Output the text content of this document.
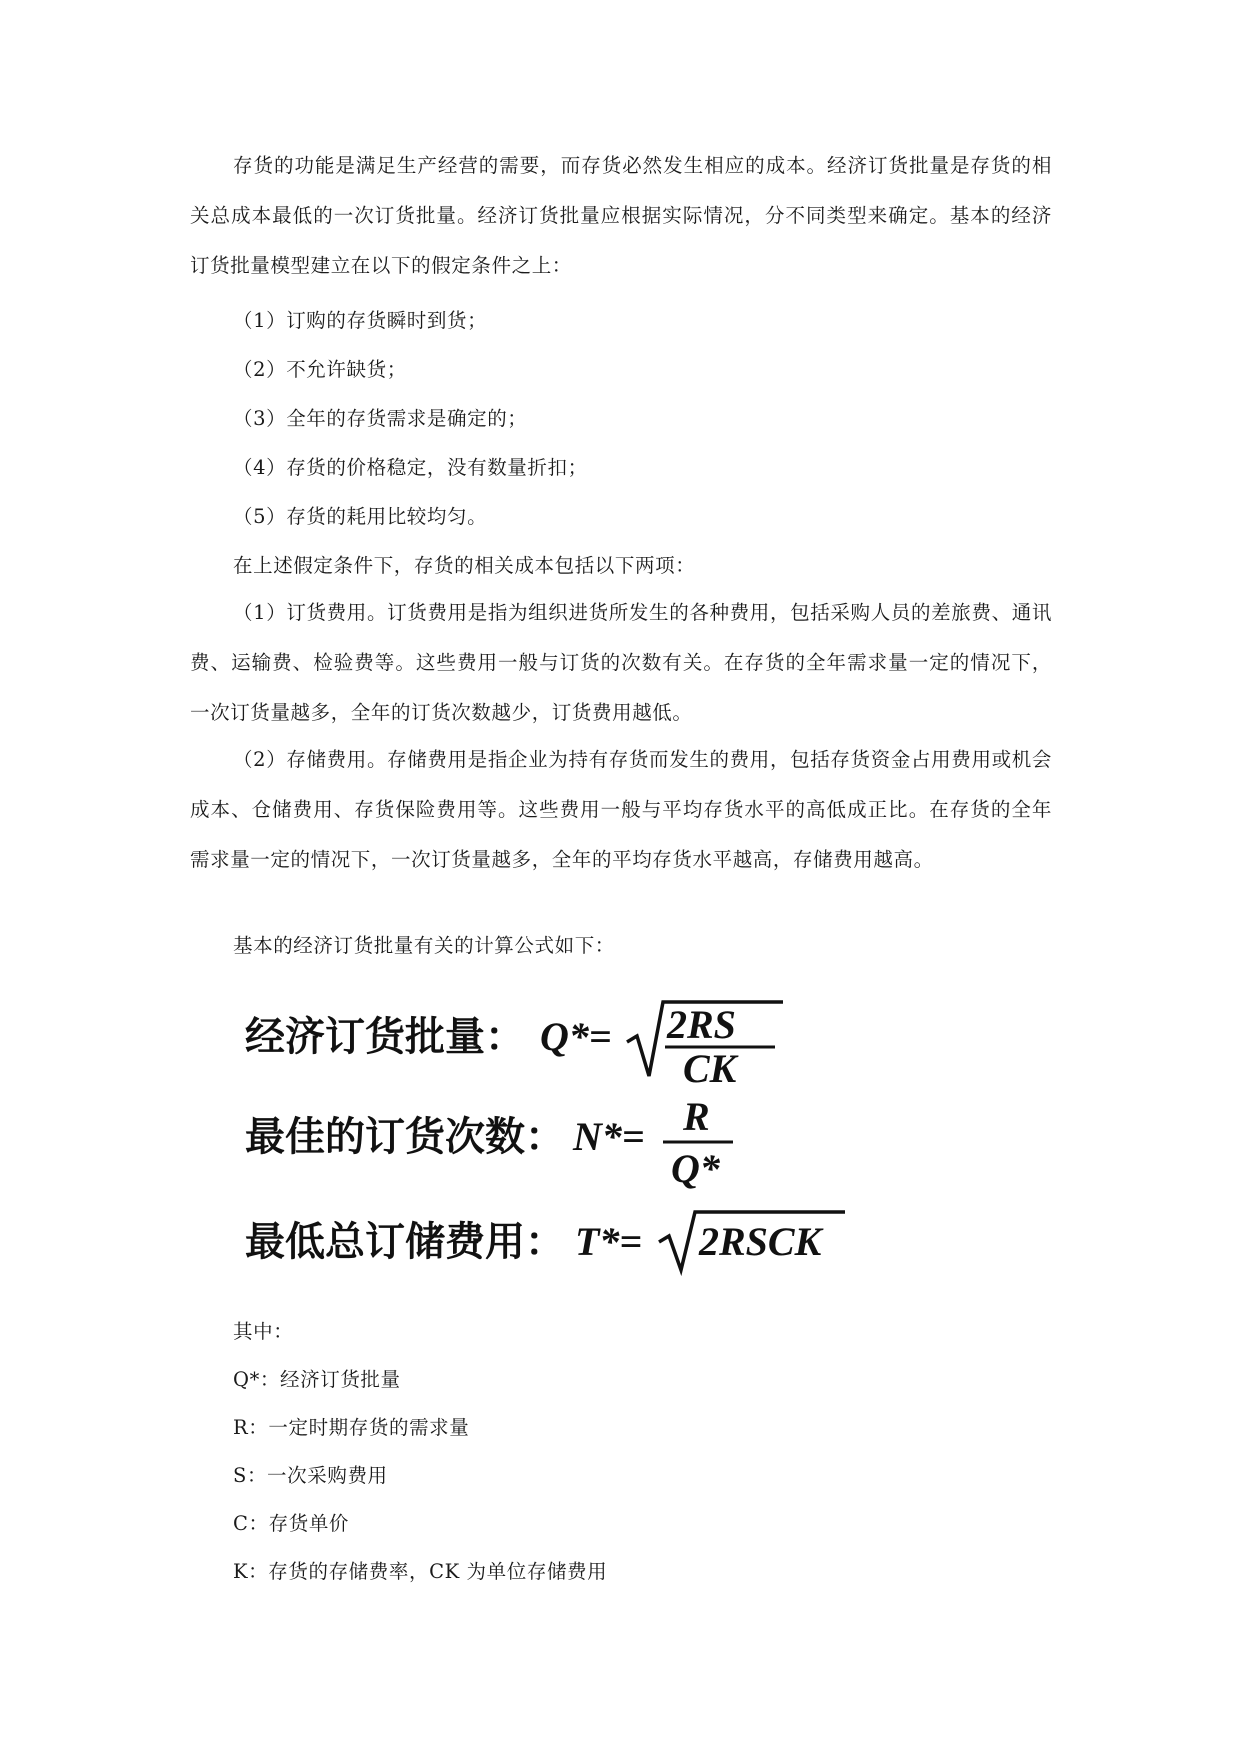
存货的功能是满足生产经营的需要，而存货必然发生相应的成本。经济订货批量是存货的相关总成本最低的一次订货批量。经济订货批量应根据实际情况，分不同类型来确定。基本的经济订货批量模型建立在以下的假定条件之上：

（1）订购的存货瞬时到货；

（2）不允许缺货；

（3）全年的存货需求是确定的；

（4）存货的价格稳定，没有数量折扣；

（5）存货的耗用比较均匀。

在上述假定条件下，存货的相关成本包括以下两项：

（1）订货费用。订货费用是指为组织进货所发生的各种费用，包括采购人员的差旅费、通讯费、运输费、检验费等。这些费用一般与订货的次数有关。在存货的全年需求量一定的情况下，一次订货量越多，全年的订货次数越少，订货费用越低。

（2）存储费用。存储费用是指企业为持有存货而发生的费用，包括存货资金占用费用或机会成本、仓储费用、存货保险费用等。这些费用一般与平均存货水平的高低成正比。在存货的全年需求量一定的情况下，一次订货量越多，全年的平均存货水平越高，存储费用越高。

基本的经济订货批量有关的计算公式如下：

经济订货批量： Q*= 2RS
CK
最佳的订货次数： N*= R
Q*
最低总订储费用： T*= 2RSCK

其中：

Q*：经济订货批量

R：一定时期存货的需求量

S：一次采购费用

C：存货单价

K：存货的存储费率，CK 为单位存储费用
